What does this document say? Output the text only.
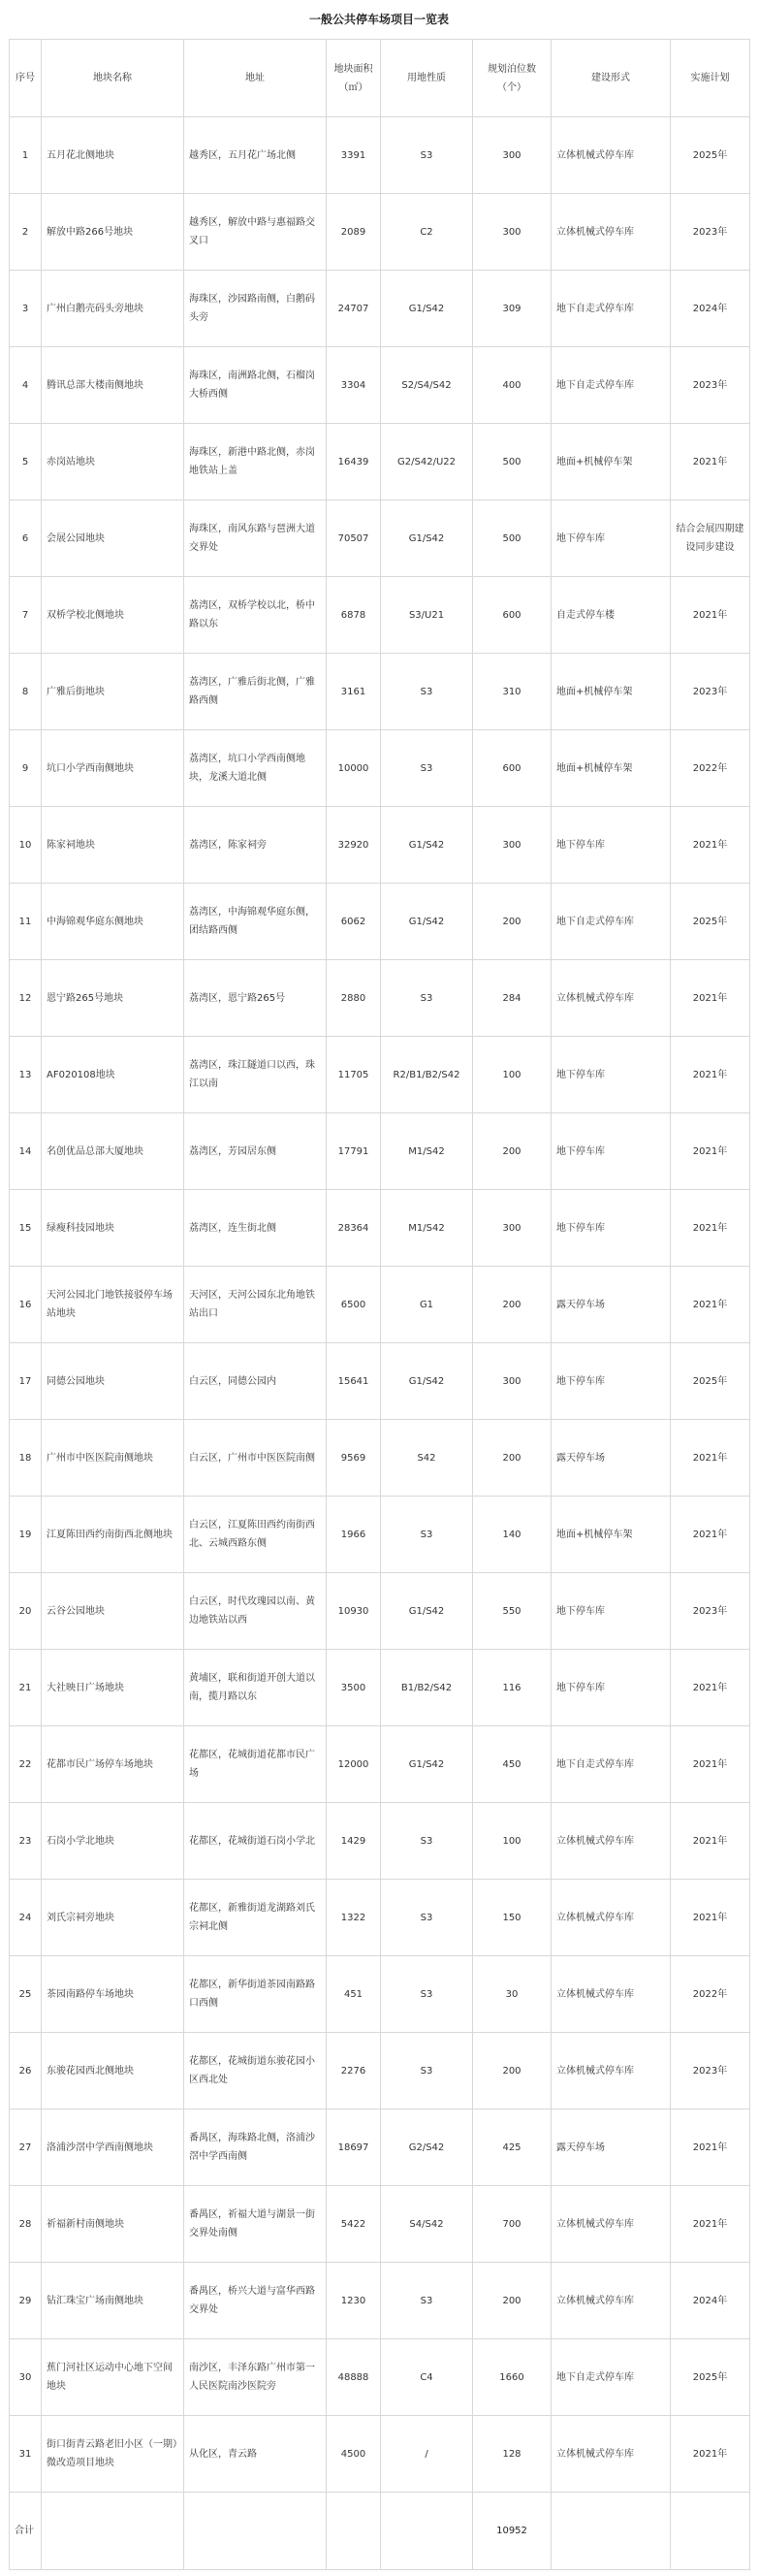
一般公共停车场项目一览表
序号	地块名称	地址	地块面积（㎡）	用地性质	规划泊位数（个）	建设形式	实施计划
1	五月花北侧地块	越秀区，五月花广场北侧	3391	S3	300	立体机械式停车库	2025年
2	解放中路266号地块	越秀区，解放中路与惠福路交叉口	2089	C2	300	立体机械式停车库	2023年
3	广州白鹅壳码头旁地块	海珠区，沙园路南侧，白鹅码头旁	24707	G1/S42	309	地下自走式停车库	2024年
4	腾讯总部大楼南侧地块	海珠区，南洲路北侧，石榴岗大桥西侧	3304	S2/S4/S42	400	地下自走式停车库	2023年
5	赤岗站地块	海珠区，新港中路北侧，赤岗地铁站上盖	16439	G2/S42/U22	500	地面+机械停车架	2021年
6	会展公园地块	海珠区，南风东路与琶洲大道交界处	70507	G1/S42	500	地下停车库	结合会展四期建设同步建设
7	双桥学校北侧地块	荔湾区，双桥学校以北，桥中路以东	6878	S3/U21	600	自走式停车楼	2021年
8	广雅后街地块	荔湾区，广雅后街北侧，广雅路西侧	3161	S3	310	地面+机械停车架	2023年
9	坑口小学西南侧地块	荔湾区，坑口小学西南侧地块，龙溪大道北侧	10000	S3	600	地面+机械停车架	2022年
10	陈家祠地块	荔湾区，陈家祠旁	32920	G1/S42	300	地下停车库	2021年
11	中海锦观华庭东侧地块	荔湾区，中海锦观华庭东侧，团结路西侧	6062	G1/S42	200	地下自走式停车库	2025年
12	恩宁路265号地块	荔湾区，恩宁路265号	2880	S3	284	立体机械式停车库	2021年
13	AF020108地块	荔湾区，珠江隧道口以西，珠江以南	11705	R2/B1/B2/S42	100	地下停车库	2021年
14	名创优品总部大厦地块	荔湾区，芳园居东侧	17791	M1/S42	200	地下停车库	2021年
15	绿瘦科技园地块	荔湾区，连生街北侧	28364	M1/S42	300	地下停车库	2021年
16	天河公园北门地铁接驳停车场站地块	天河区，天河公园东北角地铁站出口	6500	G1	200	露天停车场	2021年
17	同德公园地块	白云区，同德公园内	15641	G1/S42	300	地下停车库	2025年
18	广州市中医医院南侧地块	白云区，广州市中医医院南侧	9569	S42	200	露天停车场	2021年
19	江夏陈田西约南街西北侧地块	白云区，江夏陈田西约南街西北、云城西路东侧	1966	S3	140	地面+机械停车架	2021年
20	云谷公园地块	白云区，时代玫瑰园以南、黄边地铁站以西	10930	G1/S42	550	地下停车库	2023年
21	大社映日广场地块	黄埔区，联和街道开创大道以南，揽月路以东	3500	B1/B2/S42	116	地下停车库	2021年
22	花都市民广场停车场地块	花都区，花城街道花都市民广场	12000	G1/S42	450	地下自走式停车库	2021年
23	石岗小学北地块	花都区，花城街道石岗小学北	1429	S3	100	立体机械式停车库	2021年
24	刘氏宗祠旁地块	花都区，新雅街道龙湖路刘氏宗祠北侧	1322	S3	150	立体机械式停车库	2021年
25	茶园南路停车场地块	花都区，新华街道茶园南路路口西侧	451	S3	30	立体机械式停车库	2022年
26	东骏花园西北侧地块	花都区，花城街道东骏花园小区西北处	2276	S3	200	立体机械式停车库	2023年
27	洛浦沙滘中学西南侧地块	番禺区，海珠路北侧，洛浦沙滘中学西南侧	18697	G2/S42	425	露天停车场	2021年
28	祈福新村南侧地块	番禺区，祈福大道与湖景一街交界处南侧	5422	S4/S42	700	立体机械式停车库	2021年
29	钻汇珠宝广场南侧地块	番禺区，桥兴大道与富华西路交界处	1230	S3	200	立体机械式停车库	2024年
30	蕉门河社区运动中心地下空间地块	南沙区，丰泽东路广州市第一人民医院南沙医院旁	48888	C4	1660	地下自走式停车库	2025年
31	街口街青云路老旧小区（一期）微改造项目地块	从化区，青云路	4500	/	128	立体机械式停车库	2021年
合计					10952		
